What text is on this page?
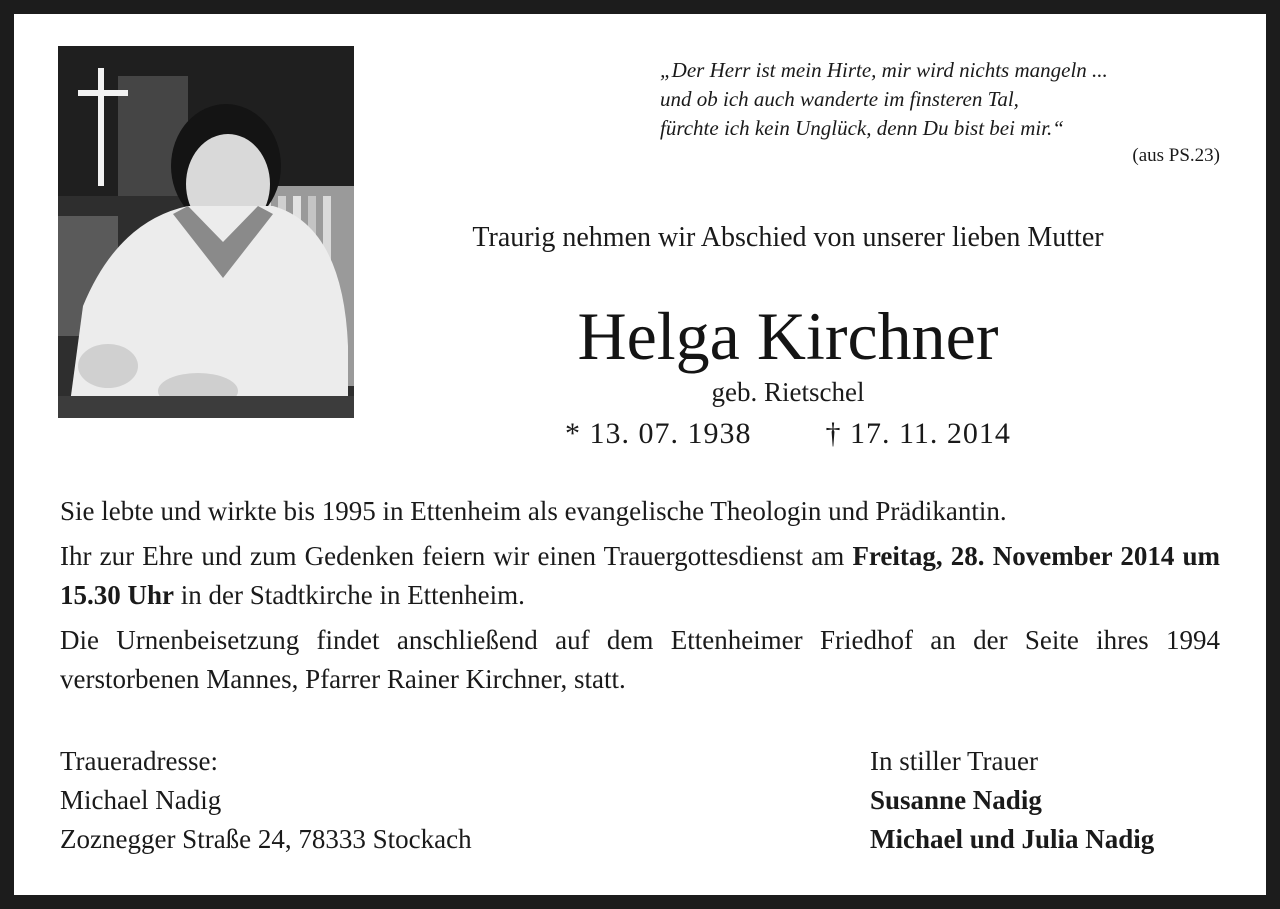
„Der Herr ist mein Hirte, mir wird nichts mangeln ...
und ob ich auch wanderte im finsteren Tal,
fürchte ich kein Unglück, denn Du bist bei mir.“
(aus PS.23)
Traurig nehmen wir Abschied von unserer lieben Mutter
Helga Kirchner
geb. Rietschel
* 13. 07. 1938 † 17. 11. 2014

Sie lebte und wirkte bis 1995 in Ettenheim als evangelische Theologin und Prädikantin.

Ihr zur Ehre und zum Gedenken feiern wir einen Trauergottesdienst am Freitag, 28. November 2014 um 15.30 Uhr in der Stadtkirche in Ettenheim.

Die Urnenbeisetzung findet anschließend auf dem Ettenheimer Friedhof an der Seite ihres 1994 verstorbenen Mannes, Pfarrer Rainer Kirchner, statt.

Traueradresse:
Michael Nadig
Zoznegger Straße 24, 78333 Stockach
In stiller Trauer
Susanne Nadig
Michael und Julia Nadig
